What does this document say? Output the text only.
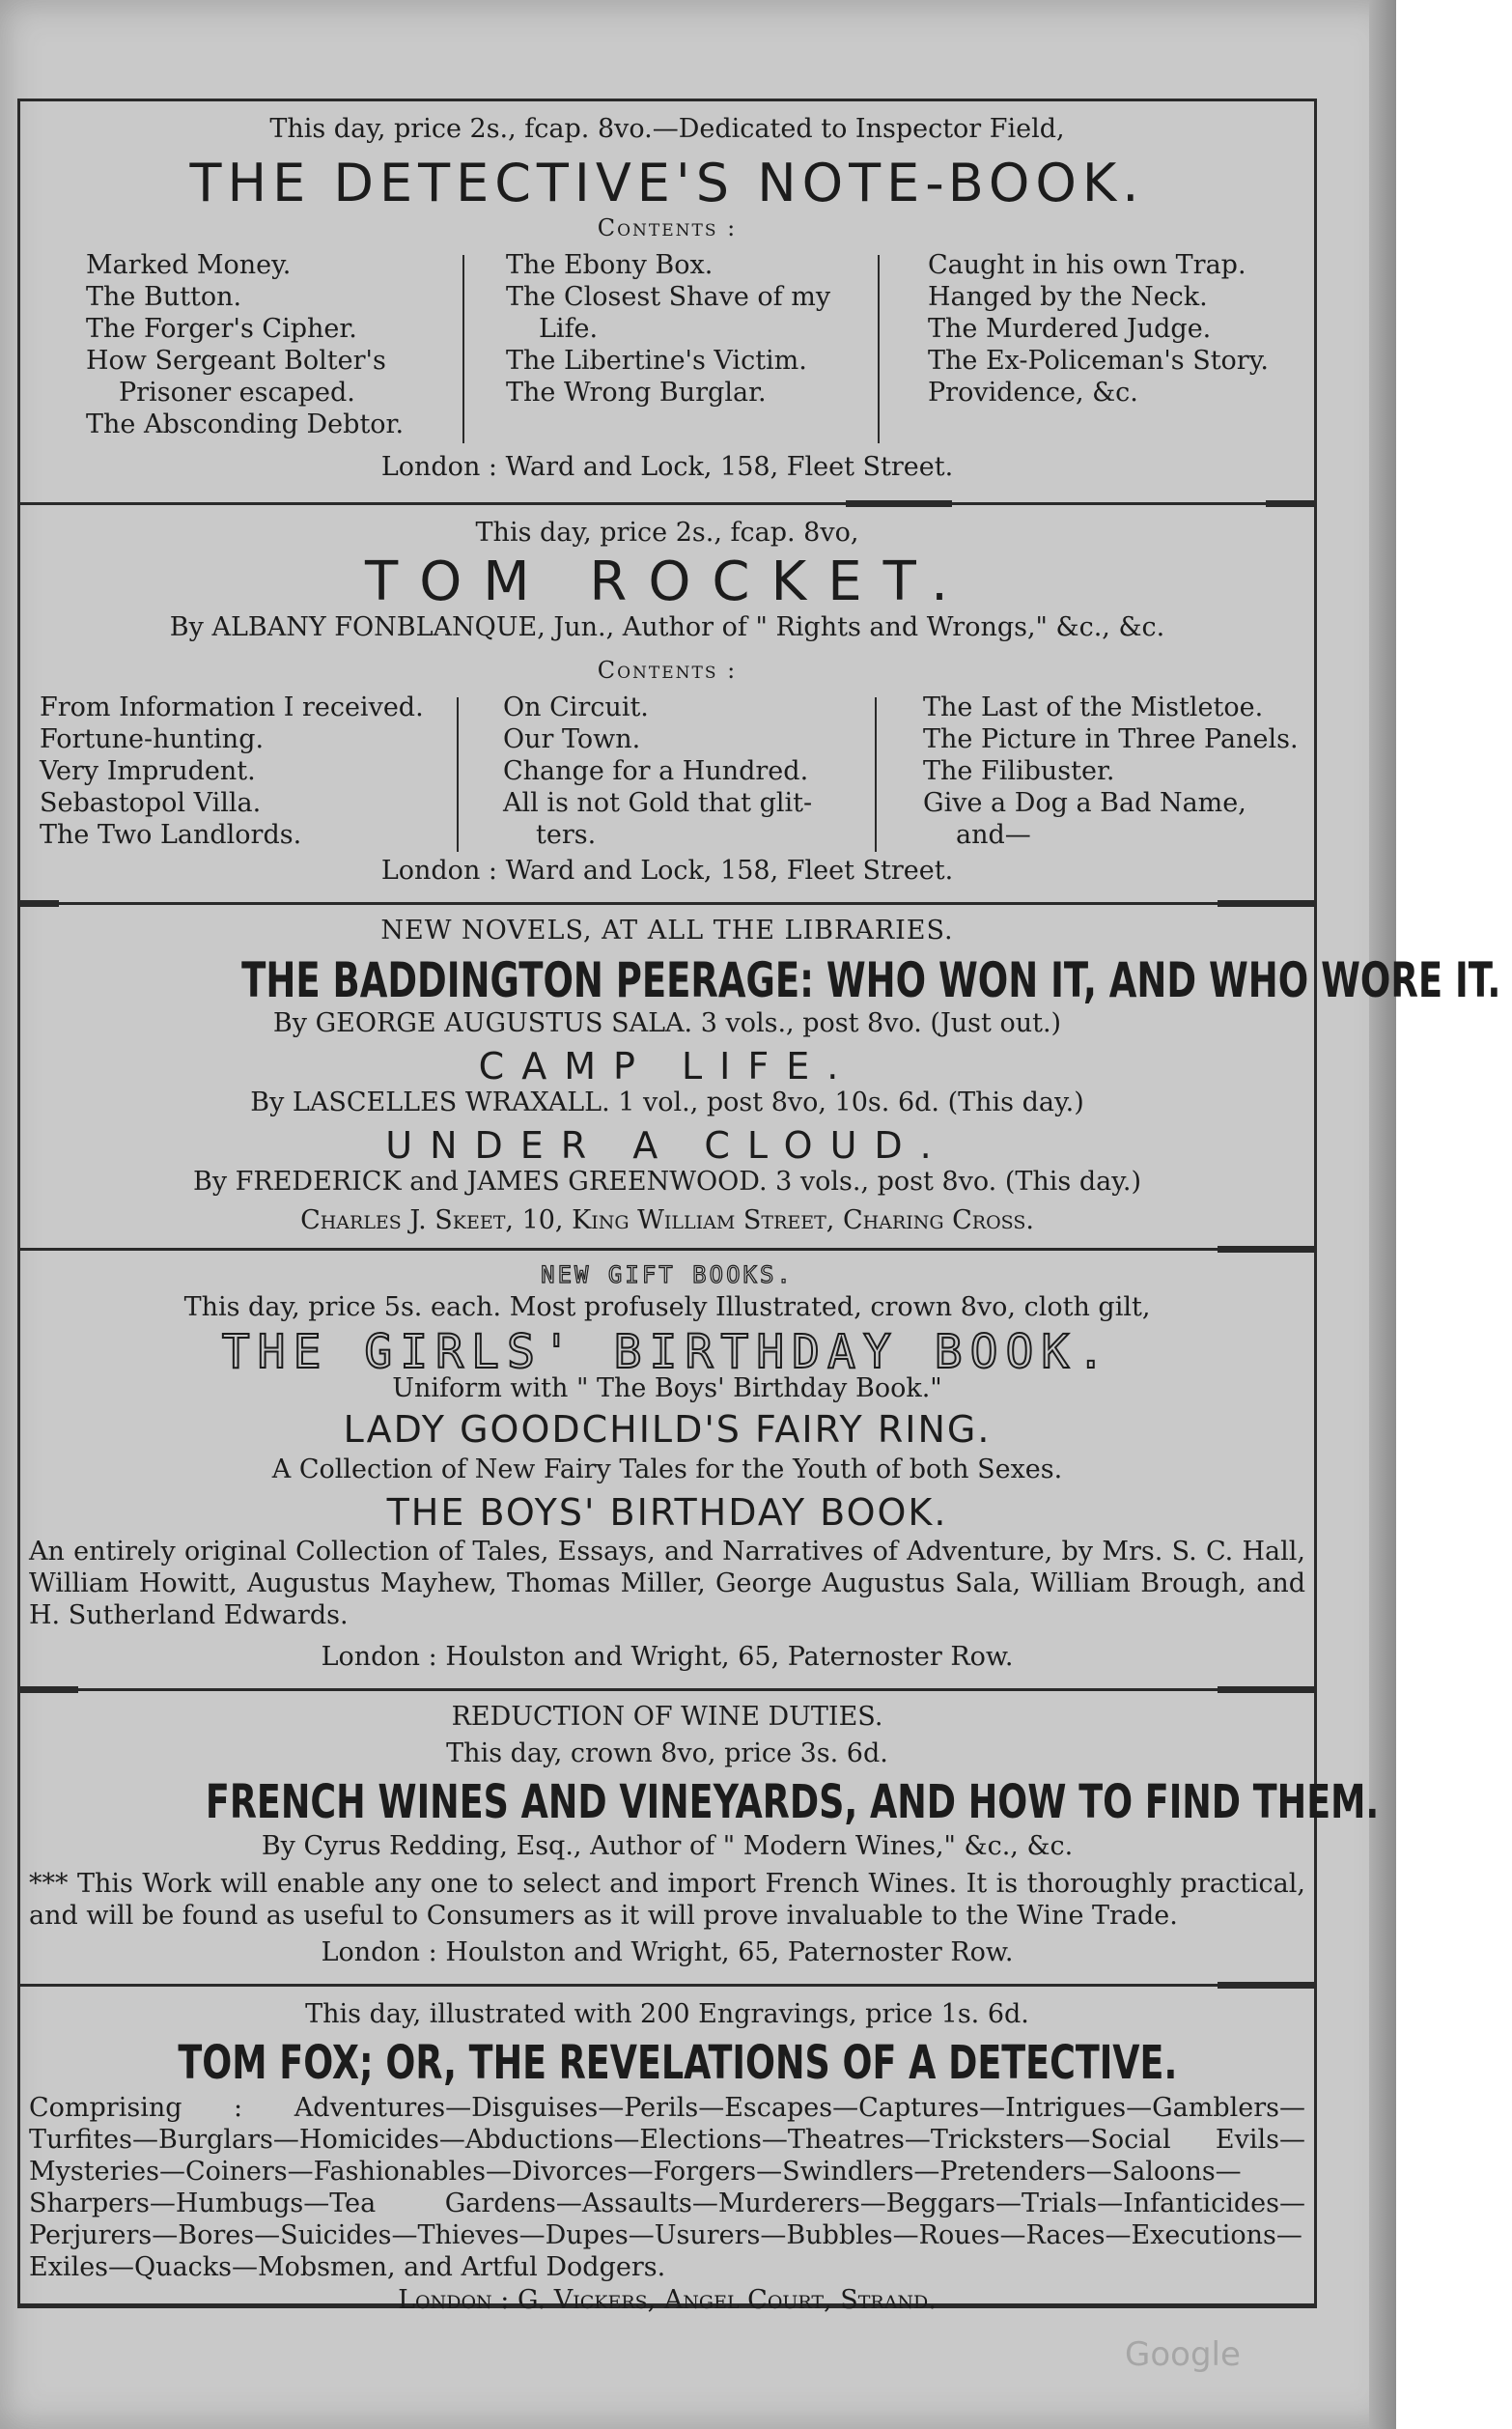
This day, price 2s., fcap. 8vo.—Dedicated to Inspector Field,
THE DETECTIVE'S NOTE-BOOK.
Contents :
Marked Money.
The Button.
The Forger's Cipher.
How Sergeant Bolter's
Prisoner escaped.
The Absconding Debtor.
The Ebony Box.
The Closest Shave of my
Life.
The Libertine's Victim.
The Wrong Burglar.
Caught in his own Trap.
Hanged by the Neck.
The Murdered Judge.
The Ex-Policeman's Story.
Providence, &c.
London : Ward and Lock, 158, Fleet Street.
This day, price 2s., fcap. 8vo,
TOM ROCKET.
By ALBANY FONBLANQUE, Jun., Author of " Rights and Wrongs," &c., &c.
Contents :
From Information I received.
Fortune-hunting.
Very Imprudent.
Sebastopol Villa.
The Two Landlords.
On Circuit.
Our Town.
Change for a Hundred.
All is not Gold that glit-
ters.
The Last of the Mistletoe.
The Picture in Three Panels.
The Filibuster.
Give a Dog a Bad Name,
and—
London : Ward and Lock, 158, Fleet Street.
NEW NOVELS, AT ALL THE LIBRARIES.
THE BADDINGTON PEERAGE: WHO WON IT, AND WHO WORE IT.
By GEORGE AUGUSTUS SALA. 3 vols., post 8vo. (Just out.)
CAMP LIFE.
By LASCELLES WRAXALL. 1 vol., post 8vo, 10s. 6d. (This day.)
UNDER A CLOUD.
By FREDERICK and JAMES GREENWOOD. 3 vols., post 8vo. (This day.)
Charles J. Skeet, 10, King William Street, Charing Cross.
NEW GIFT BOOKS.
This day, price 5s. each. Most profusely Illustrated, crown 8vo, cloth gilt,
THE GIRLS' BIRTHDAY BOOK.
Uniform with " The Boys' Birthday Book."
LADY GOODCHILD'S FAIRY RING.
A Collection of New Fairy Tales for the Youth of both Sexes.
THE BOYS' BIRTHDAY BOOK.
An entirely original Collection of Tales, Essays, and Narratives of Adventure, by Mrs. S. C. Hall, William Howitt, Augustus Mayhew, Thomas Miller, George Augustus Sala, William Brough, and H. Sutherland Edwards.
London : Houlston and Wright, 65, Paternoster Row.
REDUCTION OF WINE DUTIES.
This day, crown 8vo, price 3s. 6d.
FRENCH WINES AND VINEYARDS, AND HOW TO FIND THEM.
By Cyrus Redding, Esq., Author of " Modern Wines," &c., &c.
*** This Work will enable any one to select and import French Wines. It is thoroughly practical, and will be found as useful to Consumers as it will prove invaluable to the Wine Trade.
London : Houlston and Wright, 65, Paternoster Row.
This day, illustrated with 200 Engravings, price 1s. 6d.
TOM FOX; OR, THE REVELATIONS OF A DETECTIVE.
Comprising : Adventures—Disguises—Perils—Escapes—Captures—Intrigues—Gamblers—Turfites—Burglars—Homicides—Abductions—Elections—Theatres—Tricksters—Social Evils—Mysteries—Coiners—Fashionables—Divorces—Forgers—Swindlers—Pretenders—Saloons—Sharpers—Humbugs—Tea Gardens—Assaults—Murderers—Beggars—Trials—Infanticides—Perjurers—Bores—Suicides—Thieves—Dupes—Usurers—Bubbles—Roues—Races—Executions—Exiles—Quacks—Mobsmen, and Artful Dodgers.
London : G. Vickers, Angel Court, Strand.
Google
